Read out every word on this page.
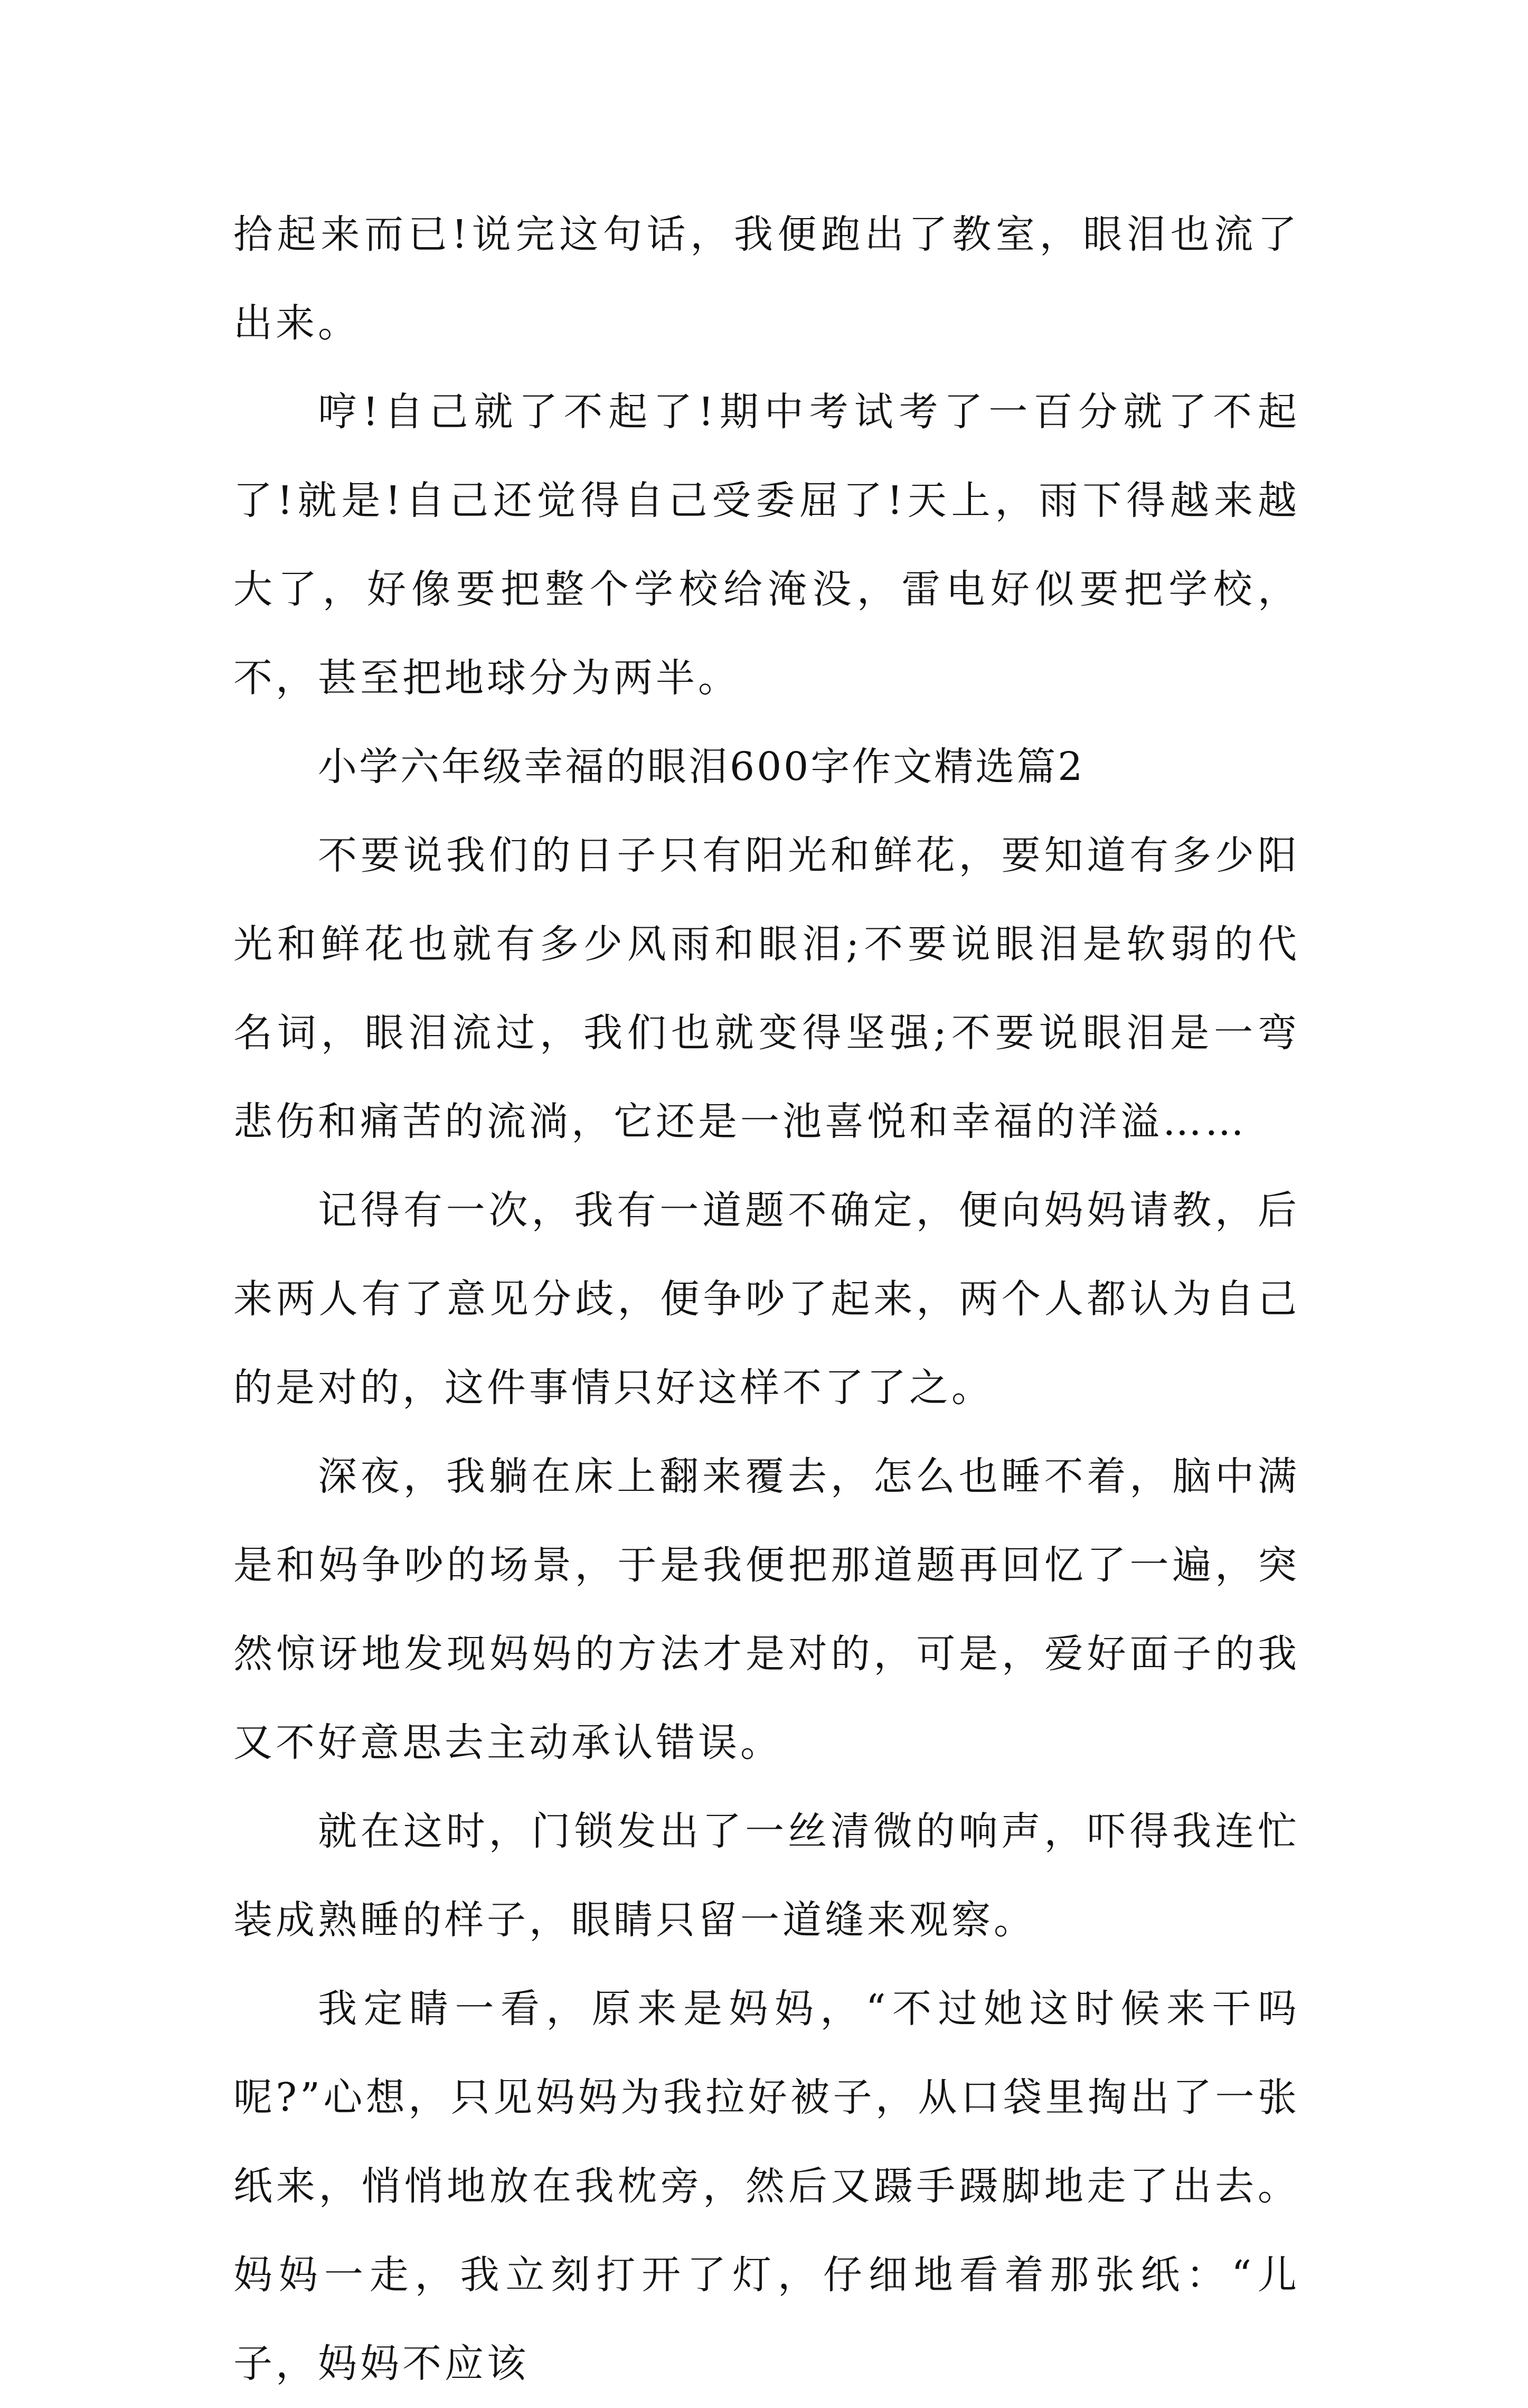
拾起来而已!说完这句话，我便跑出了教室，眼泪也流了出来。

哼!自己就了不起了!期中考试考了一百分就了不起了!就是!自己还觉得自己受委屈了!天上，雨下得越来越大了，好像要把整个学校给淹没，雷电好似要把学校，不，甚至把地球分为两半。

小学六年级幸福的眼泪600字作文精选篇2

不要说我们的日子只有阳光和鲜花，要知道有多少阳光和鲜花也就有多少风雨和眼泪;不要说眼泪是软弱的代名词，眼泪流过，我们也就变得坚强;不要说眼泪是一弯悲伤和痛苦的流淌，它还是一池喜悦和幸福的洋溢……

记得有一次，我有一道题不确定，便向妈妈请教，后来两人有了意见分歧，便争吵了起来，两个人都认为自己的是对的，这件事情只好这样不了了之。

深夜，我躺在床上翻来覆去，怎么也睡不着，脑中满是和妈争吵的场景，于是我便把那道题再回忆了一遍，突然惊讶地发现妈妈的方法才是对的，可是，爱好面子的我又不好意思去主动承认错误。

就在这时，门锁发出了一丝清微的响声，吓得我连忙装成熟睡的样子，眼睛只留一道缝来观察。

我定睛一看，原来是妈妈，“不过她这时候来干吗呢?”心想，只见妈妈为我拉好被子，从口袋里掏出了一张纸来，悄悄地放在我枕旁，然后又蹑手蹑脚地走了出去。妈妈一走，我立刻打开了灯，仔细地看着那张纸：“儿子，妈妈不应该
